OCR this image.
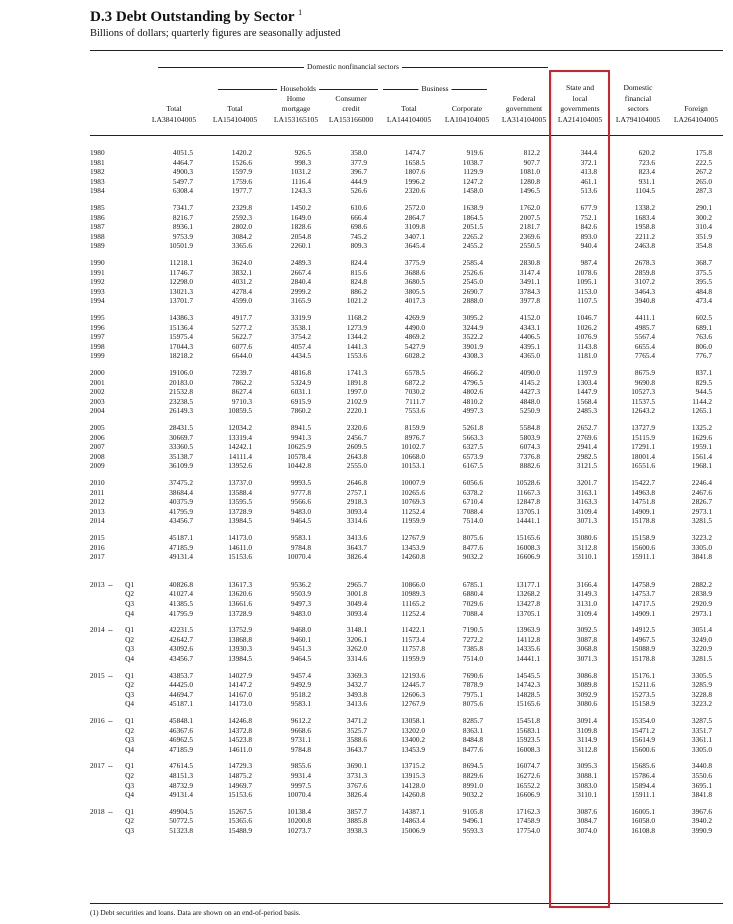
D.3 Debt Outstanding by Sector $^1$
Billions of dollars; quarterly figures are seasonally adjusted
Domestic nonfinancial sectors
Households	Business
Total
LA384104005
Total
LA154104005
Home
mortgage
LA153165105
Consumer
credit
LA153166000
Total
LA144104005
Corporate
LA104104005
Federal
government
LA314104005
State and
local
governments
LA214104005
Domestic
financial
sectors
LA794104005
Foreign
LA264104005
1980	4051.5	1420.2	926.5	358.0	1474.7	919.6	812.2	344.4	620.2	175.8
1981	4464.7	1526.6	998.3	377.9	1658.5	1038.7	907.7	372.1	723.6	222.5
1982	4900.3	1597.9	1031.2	396.7	1807.6	1129.9	1081.0	413.8	823.4	267.2
1983	5497.7	1759.6	1116.4	444.9	1996.2	1247.2	1280.8	461.1	931.1	265.0
1984	6308.4	1977.7	1243.3	526.6	2320.6	1458.0	1496.5	513.6	1104.5	287.3
1985	7341.7	2329.8	1450.2	610.6	2572.0	1638.9	1762.0	677.9	1338.2	290.1
1986	8216.7	2592.3	1649.0	666.4	2864.7	1864.5	2007.5	752.1	1683.4	300.2
1987	8936.1	2802.0	1828.6	698.6	3109.8	2051.5	2181.7	842.6	1958.8	310.4
1988	9753.9	3084.2	2054.8	745.2	3407.1	2265.2	2369.6	893.0	2211.2	351.9
1989	10501.9	3365.6	2260.1	809.3	3645.4	2455.2	2550.5	940.4	2463.8	354.8
1990	11218.1	3624.0	2489.3	824.4	3775.9	2585.4	2830.8	987.4	2678.3	368.7
1991	11746.7	3832.1	2667.4	815.6	3688.6	2526.6	3147.4	1078.6	2859.8	375.5
1992	12298.0	4031.2	2840.4	824.8	3680.5	2545.0	3491.1	1095.1	3107.2	395.5
1993	13021.3	4278.4	2999.2	886.2	3805.5	2690.7	3784.3	1153.0	3464.3	484.8
1994	13701.7	4599.0	3165.9	1021.2	4017.3	2888.0	3977.8	1107.5	3940.8	473.4
1995	14386.3	4917.7	3319.9	1168.2	4269.9	3095.2	4152.0	1046.7	4411.1	602.5
1996	15136.4	5277.2	3538.1	1273.9	4490.0	3244.9	4343.1	1026.2	4985.7	689.1
1997	15975.4	5622.7	3754.2	1344.2	4869.2	3522.2	4406.5	1076.9	5567.4	763.6
1998	17044.3	6077.6	4057.4	1441.3	5427.9	3901.9	4395.1	1143.8	6655.4	806.0
1999	18218.2	6644.0	4434.5	1553.6	6028.2	4308.3	4365.0	1181.0	7765.4	776.7
2000	19106.0	7239.7	4816.8	1741.3	6578.5	4666.2	4090.0	1197.9	8675.9	837.1
2001	20183.0	7862.2	5324.9	1891.8	6872.2	4796.5	4145.2	1303.4	9690.8	829.5
2002	21532.8	8627.4	6031.1	1997.0	7030.2	4802.6	4427.3	1447.9	10527.3	944.5
2003	23238.5	9710.3	6915.9	2102.9	7111.7	4810.2	4848.0	1568.4	11537.5	1144.2
2004	26149.3	10859.5	7860.2	2220.1	7553.6	4997.3	5250.9	2485.3	12643.2	1265.1
2005	28431.5	12034.2	8941.5	2320.6	8159.9	5261.8	5584.8	2652.7	13727.9	1325.2
2006	30669.7	13319.4	9941.3	2456.7	8976.7	5663.3	5803.9	2769.6	15115.9	1629.6
2007	33360.5	14242.1	10625.9	2609.5	10102.7	6327.5	6074.3	2941.4	17291.1	1959.1
2008	35138.7	14111.4	10578.4	2643.8	10668.0	6573.9	7376.8	2982.5	18001.4	1561.4
2009	36109.9	13952.6	10442.8	2555.0	10153.1	6167.5	8882.6	3121.5	16551.6	1968.1
2010	37475.2	13737.0	9993.5	2646.8	10007.9	6056.6	10528.6	3201.7	15422.7	2246.4
2011	38684.4	13588.4	9777.8	2757.1	10265.6	6378.2	11667.3	3163.1	14963.8	2467.6
2012	40375.9	13595.5	9566.6	2918.3	10769.3	6710.4	12847.8	3163.3	14751.8	2826.7
2013	41795.9	13728.9	9483.0	3093.4	11252.4	7088.4	13705.1	3109.4	14909.1	2973.1
2014	43456.7	13984.5	9464.5	3314.6	11959.9	7514.0	14441.1	3071.3	15178.8	3281.5
2015	45187.1	14173.0	9583.1	3413.6	12767.9	8075.6	15165.6	3080.6	15158.9	3223.2
2016	47185.9	14611.0	9784.8	3643.7	13453.9	8477.6	16008.3	3112.8	15600.6	3305.0
2017	49131.4	15153.6	10070.4	3826.4	14260.8	9032.2	16606.9	3110.1	15911.1	3841.8
2013 --	Q1	40826.8	13617.3	9536.2	2965.7	10866.0	6785.1	13177.1	3166.4	14758.9	2882.2
Q2	41027.4	13620.6	9503.9	3001.8	10989.3	6880.4	13268.2	3149.3	14753.7	2838.9
Q3	41385.5	13661.6	9497.3	3049.4	11165.2	7029.6	13427.8	3131.0	14717.5	2920.9
Q4	41795.9	13728.9	9483.0	3093.4	11252.4	7088.4	13705.1	3109.4	14909.1	2973.1
2014 --	Q1	42231.5	13752.9	9468.0	3148.1	11422.1	7190.5	13963.9	3092.5	14912.5	3051.4
Q2	42642.7	13868.8	9460.1	3206.1	11573.4	7272.2	14112.8	3087.8	14967.5	3249.0
Q3	43092.6	13930.3	9451.3	3262.0	11757.8	7385.8	14335.6	3068.8	15088.9	3220.9
Q4	43456.7	13984.5	9464.5	3314.6	11959.9	7514.0	14441.1	3071.3	15178.8	3281.5
2015 --	Q1	43853.7	14027.9	9457.4	3369.3	12193.6	7690.6	14545.5	3086.8	15176.1	3305.5
Q2	44425.0	14147.2	9492.9	3432.7	12445.7	7878.9	14742.3	3089.8	15211.6	3285.9
Q3	44694.7	14167.0	9518.2	3493.8	12606.3	7975.1	14828.5	3092.9	15273.5	3228.8
Q4	45187.1	14173.0	9583.1	3413.6	12767.9	8075.6	15165.6	3080.6	15158.9	3223.2
2016 --	Q1	45848.1	14246.8	9612.2	3471.2	13058.1	8285.7	15451.8	3091.4	15354.0	3287.5
Q2	46367.6	14372.8	9668.6	3525.7	13202.0	8363.1	15683.1	3109.8	15471.2	3351.7
Q3	46962.5	14523.8	9731.1	3588.6	13400.2	8484.8	15923.5	3114.9	15614.9	3361.1
Q4	47185.9	14611.0	9784.8	3643.7	13453.9	8477.6	16008.3	3112.8	15600.6	3305.0
2017 --	Q1	47614.5	14729.3	9855.6	3690.1	13715.2	8694.5	16074.7	3095.3	15685.6	3440.8
Q2	48151.3	14875.2	9931.4	3731.3	13915.3	8829.6	16272.6	3088.1	15786.4	3550.6
Q3	48732.9	14969.7	9997.5	3767.6	14128.0	8991.0	16552.2	3083.0	15894.4	3695.1
Q4	49131.4	15153.6	10070.4	3826.4	14260.8	9032.2	16606.9	3110.1	15911.1	3841.8
2018 --	Q1	49904.5	15267.5	10138.4	3857.7	14387.1	9105.8	17162.3	3087.6	16005.1	3967.6
Q2	50772.5	15365.6	10200.8	3885.8	14863.4	9496.1	17458.9	3084.7	16058.0	3940.2
Q3	51323.8	15488.9	10273.7	3938.3	15006.9	9593.3	17754.0	3074.0	16108.8	3990.9
(1) Debt securities and loans. Data are shown on an end-of-period basis.
